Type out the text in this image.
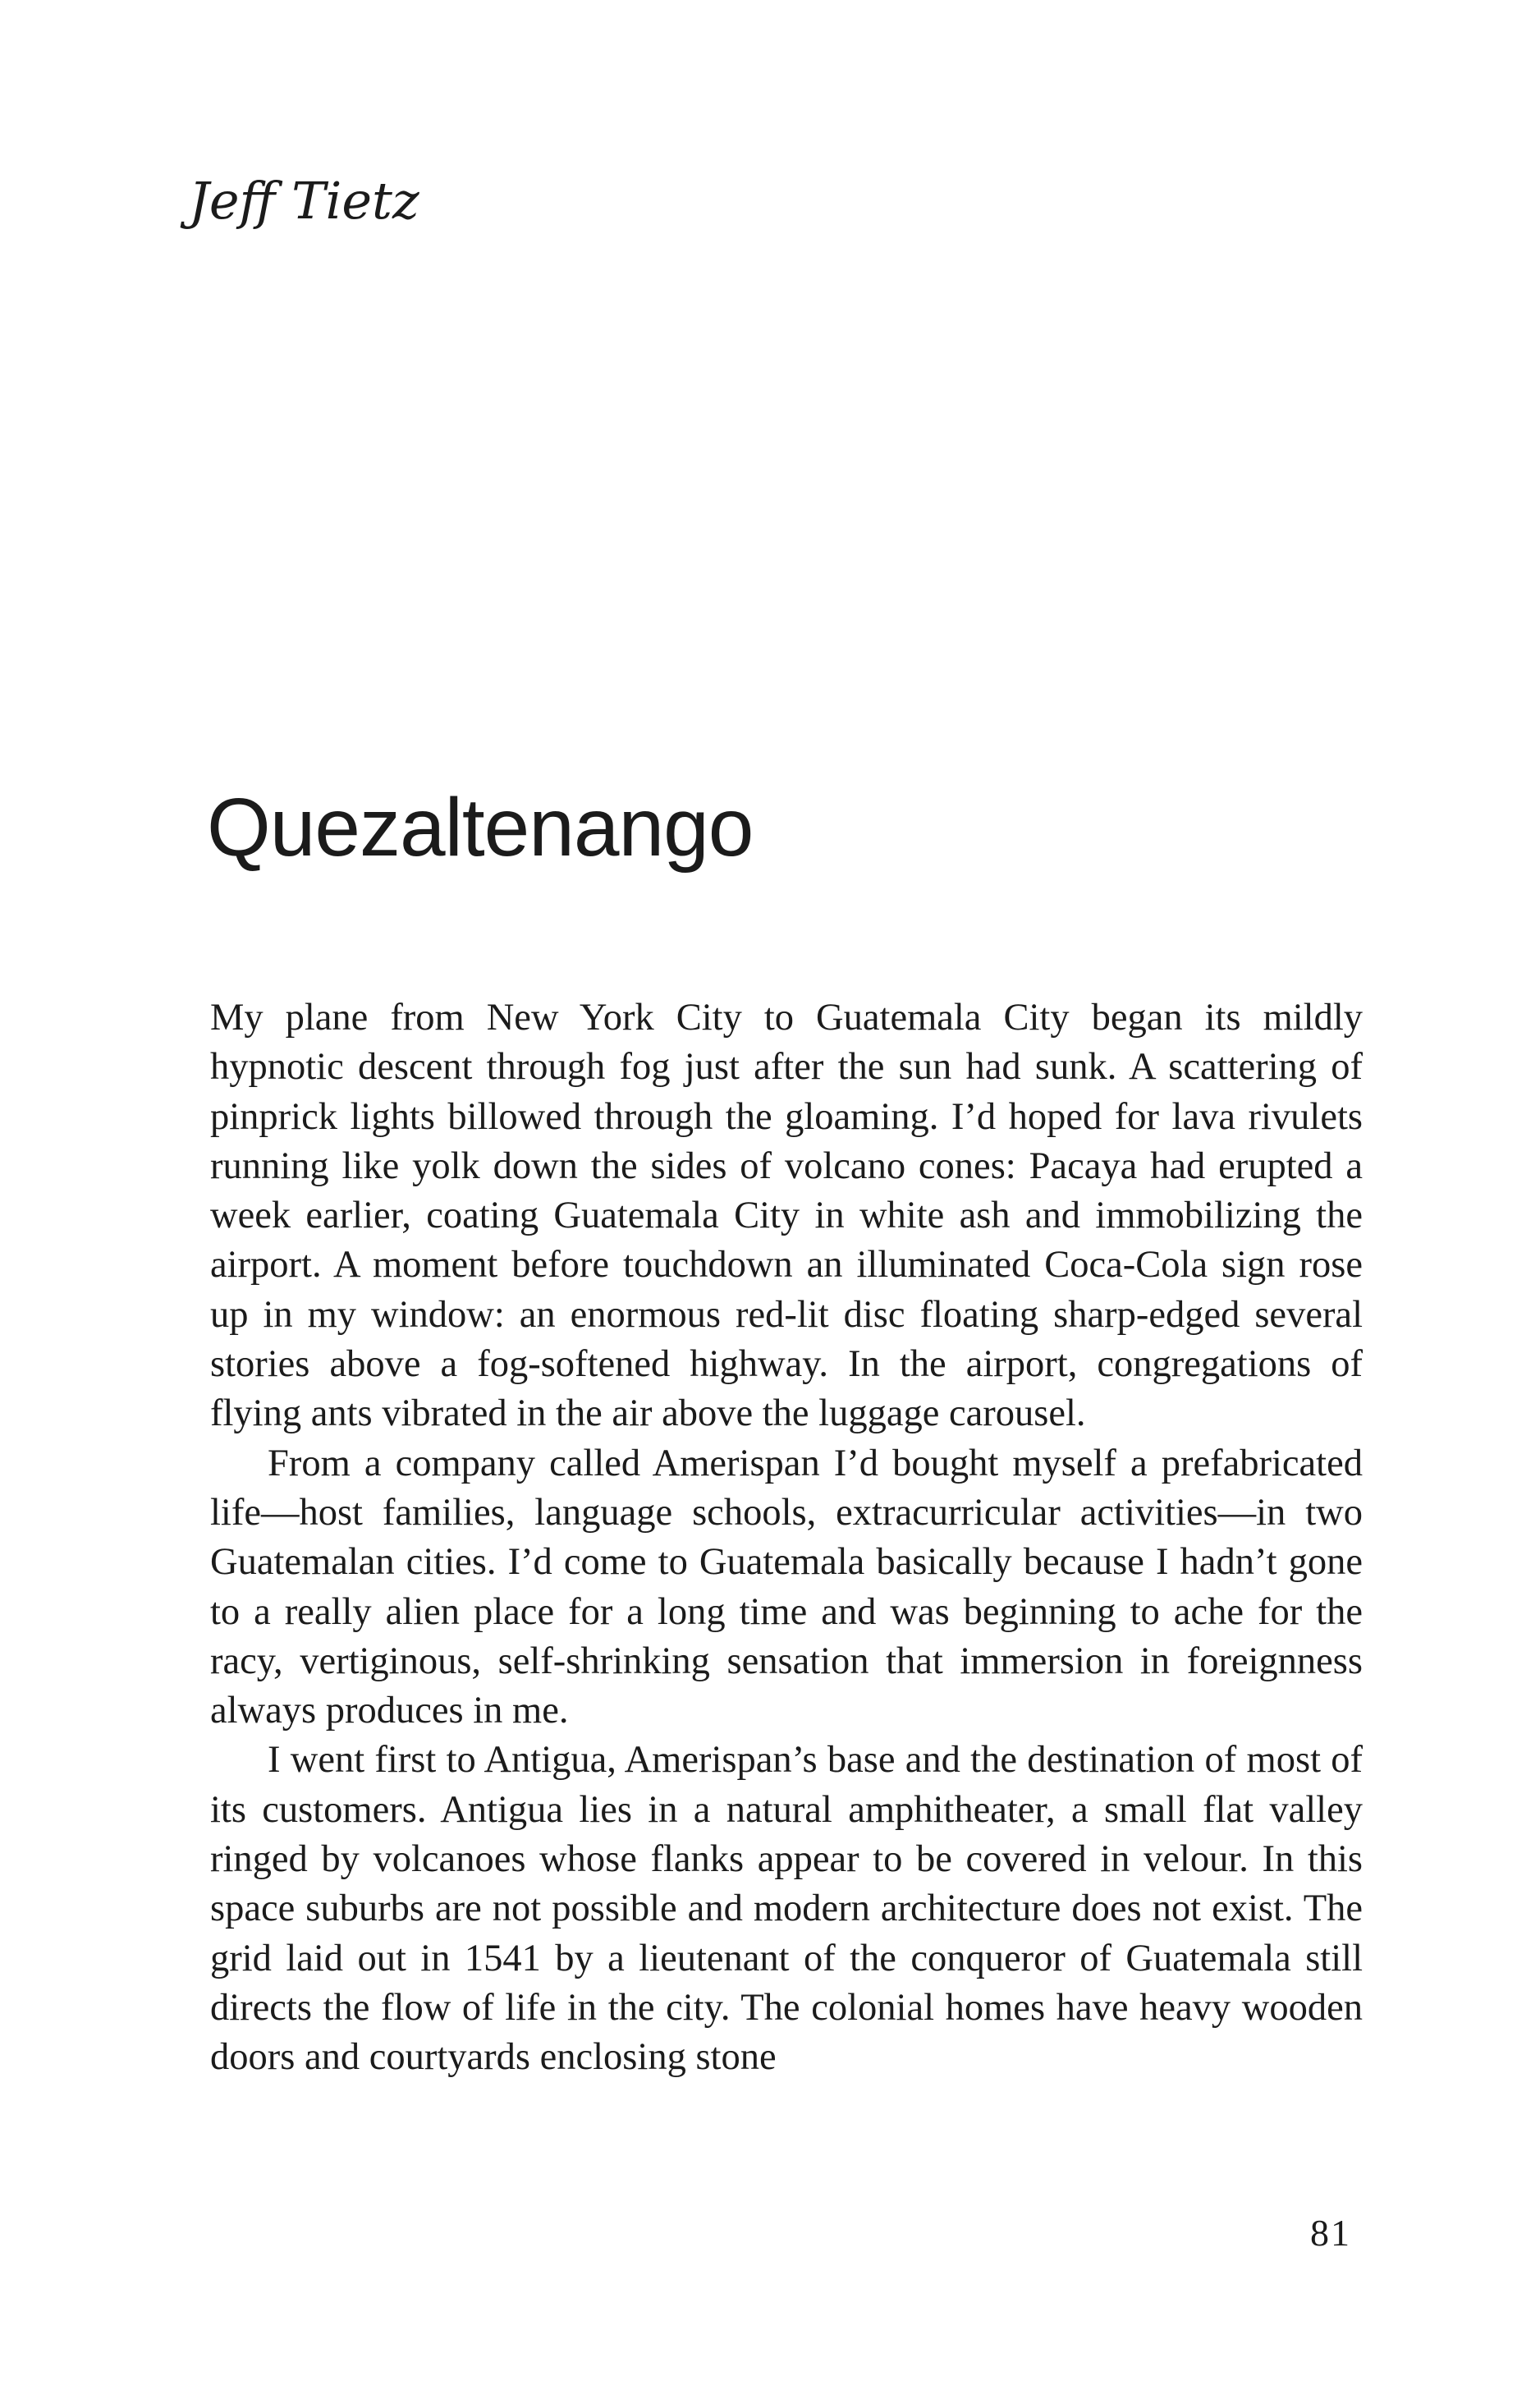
Jeff Tietz
Quezaltenango

My plane from New York City to Guatemala City began its mildly hypnotic descent through fog just after the sun had sunk. A scattering of pinprick lights billowed through the gloaming. I’d hoped for lava rivulets running like yolk down the sides of volcano cones: Pacaya had erupted a week earlier, coating Guatemala City in white ash and immobilizing the airport. A moment before touchdown an illuminated Coca-Cola sign rose up in my window: an enormous red-lit disc floating sharp-edged several stories above a fog-softened highway. In the airport, congregations of flying ants vibrated in the air above the luggage carousel.

From a company called Amerispan I’d bought myself a prefabricated life—host families, language schools, extracurricular activities—in two Guatemalan cities. I’d come to Guatemala basically because I hadn’t gone to a really alien place for a long time and was beginning to ache for the racy, vertiginous, self-shrinking sensation that immersion in foreignness always produces in me.

I went first to Antigua, Amerispan’s base and the destination of most of its customers. Antigua lies in a natural amphitheater, a small flat valley ringed by volcanoes whose flanks appear to be covered in velour. In this space suburbs are not possible and modern architecture does not exist. The grid laid out in 1541 by a lieutenant of the conqueror of Guatemala still directs the flow of life in the city. The colonial homes have heavy wooden doors and courtyards enclosing stone

81
